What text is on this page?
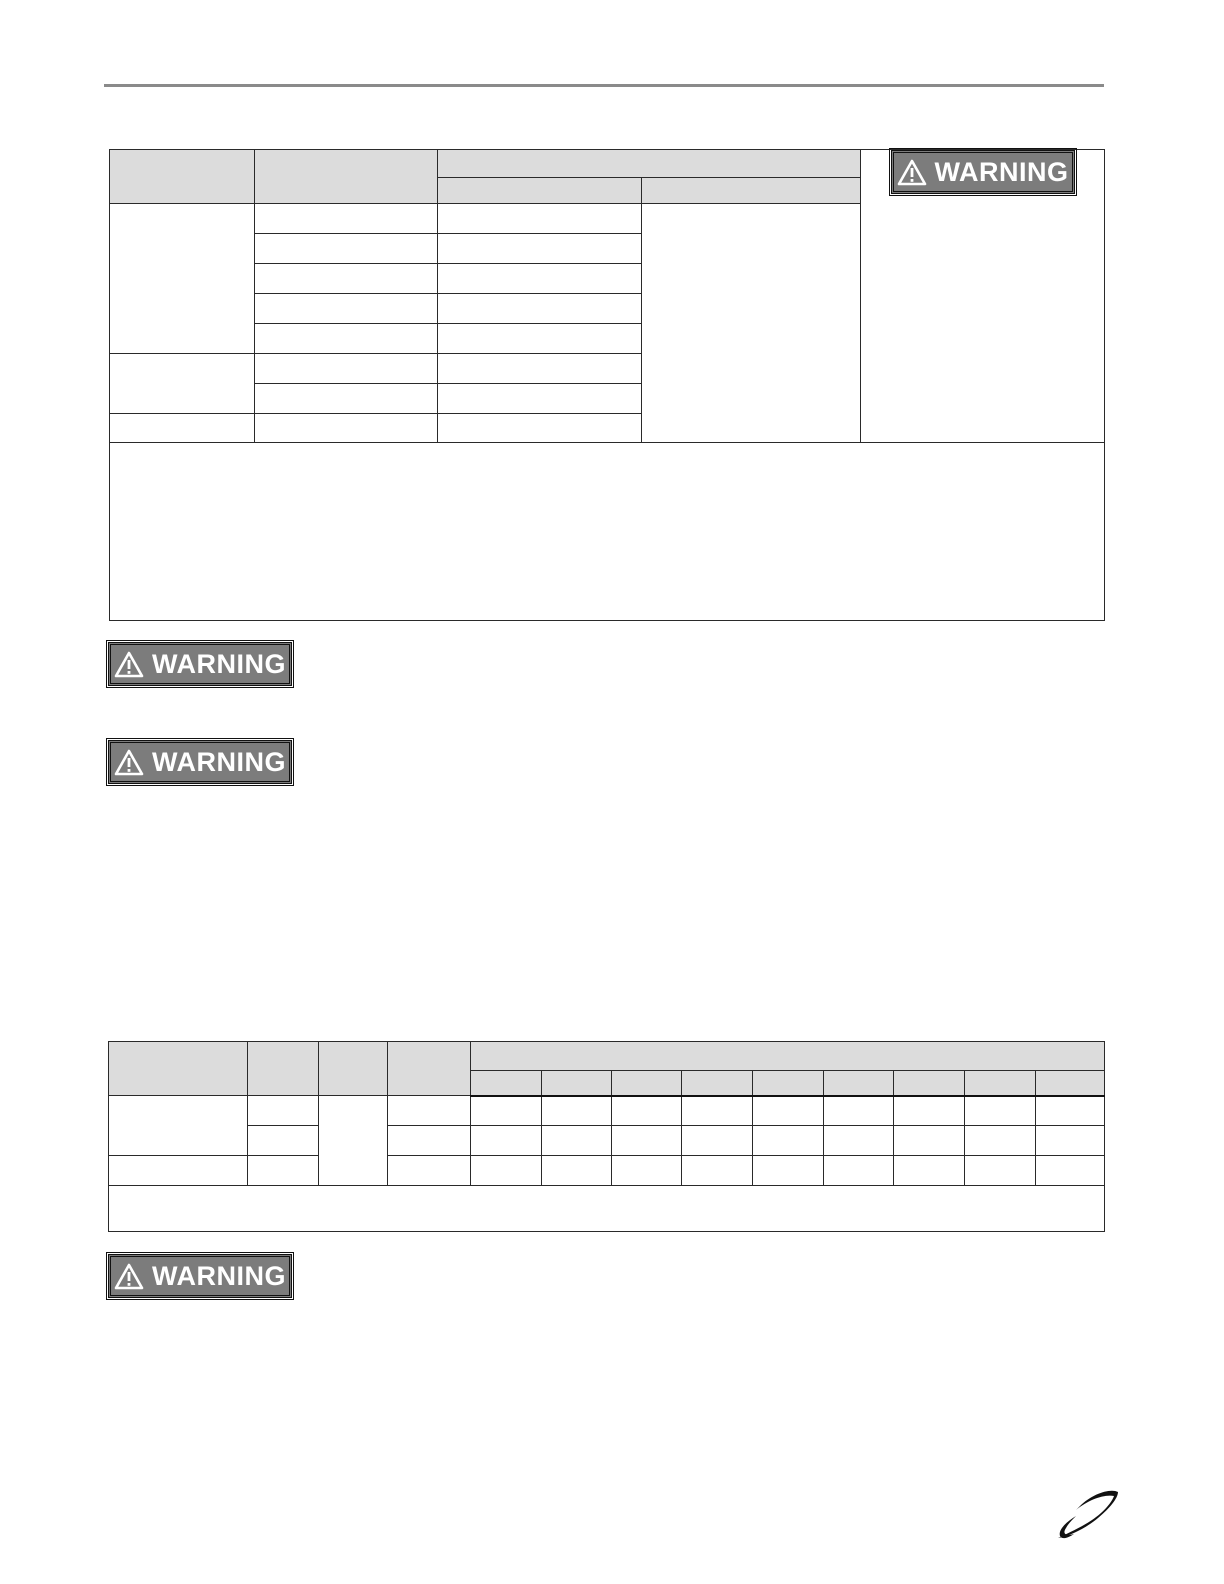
				WARNING

WARNING
WARNING

WARNING
